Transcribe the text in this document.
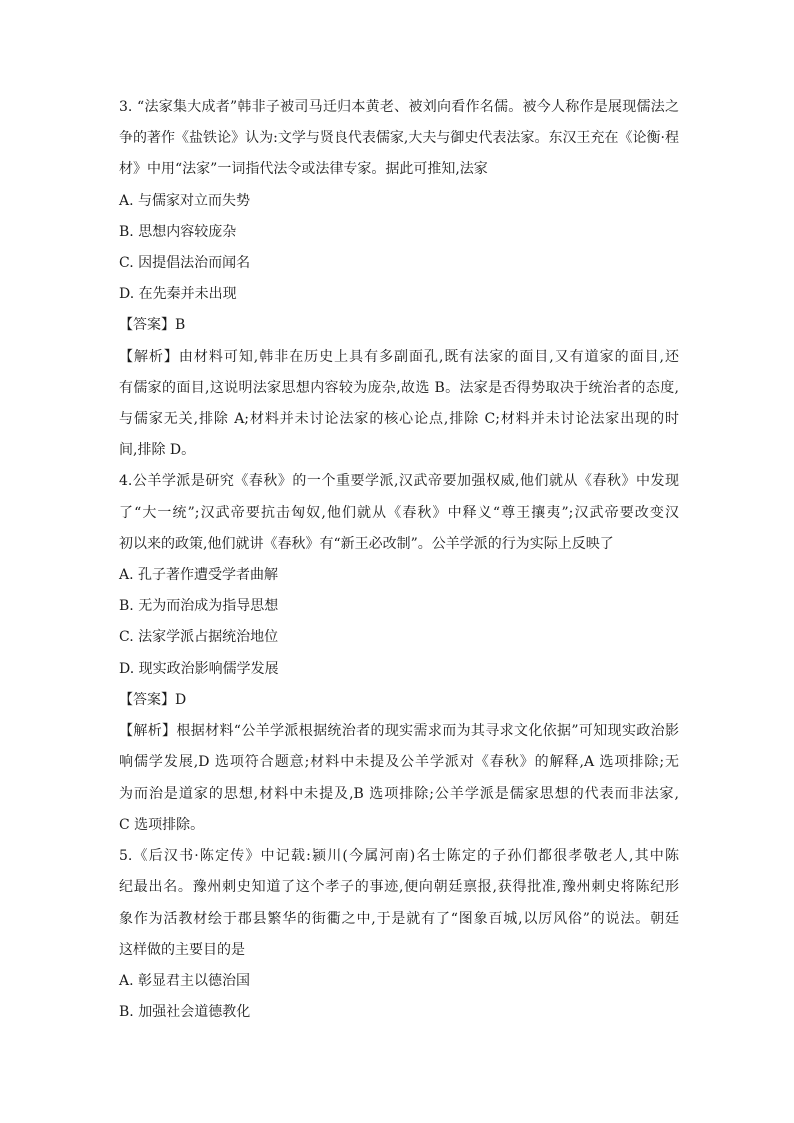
3. “法家集大成者”韩非子被司马迁归本黄老、被刘向看作名儒。被今人称作是展现儒法之
争的著作《盐铁论》认为:文学与贤良代表儒家,大夫与御史代表法家。东汉王充在《论衡·程
材》中用“法家”一词指代法令或法律专家。据此可推知,法家
A. 与儒家对立而失势
B. 思想内容较庞杂
C. 因提倡法治而闻名
D. 在先秦并未出现
【答案】B
【解析】由材料可知,韩非在历史上具有多副面孔,既有法家的面目,又有道家的面目,还
有儒家的面目,这说明法家思想内容较为庞杂,故选 B。法家是否得势取决于统治者的态度,
与儒家无关,排除 A;材料并未讨论法家的核心论点,排除 C;材料并未讨论法家出现的时
间,排除 D。
4.公羊学派是研究《春秋》的一个重要学派,汉武帝要加强权威,他们就从《春秋》中发现
了“大一统”;汉武帝要抗击匈奴,他们就从《春秋》中释义“尊王攘夷”;汉武帝要改变汉
初以来的政策,他们就讲《春秋》有“新王必改制”。公羊学派的行为实际上反映了
A. 孔子著作遭受学者曲解
B. 无为而治成为指导思想
C. 法家学派占据统治地位
D. 现实政治影响儒学发展
【答案】D
【解析】根据材料“公羊学派根据统治者的现实需求而为其寻求文化依据”可知现实政治影
响儒学发展,D 选项符合题意;材料中未提及公羊学派对《春秋》的解释,A 选项排除;无
为而治是道家的思想,材料中未提及,B 选项排除;公羊学派是儒家思想的代表而非法家,
C 选项排除。
5.《后汉书·陈定传》中记载:颍川(今属河南)名士陈定的子孙们都很孝敬老人,其中陈
纪最出名。豫州刺史知道了这个孝子的事迹,便向朝廷禀报,获得批准,豫州刺史将陈纪形
象作为活教材绘于郡县繁华的街衢之中,于是就有了“图象百城,以厉风俗”的说法。朝廷
这样做的主要目的是
A. 彰显君主以德治国
B. 加强社会道德教化
